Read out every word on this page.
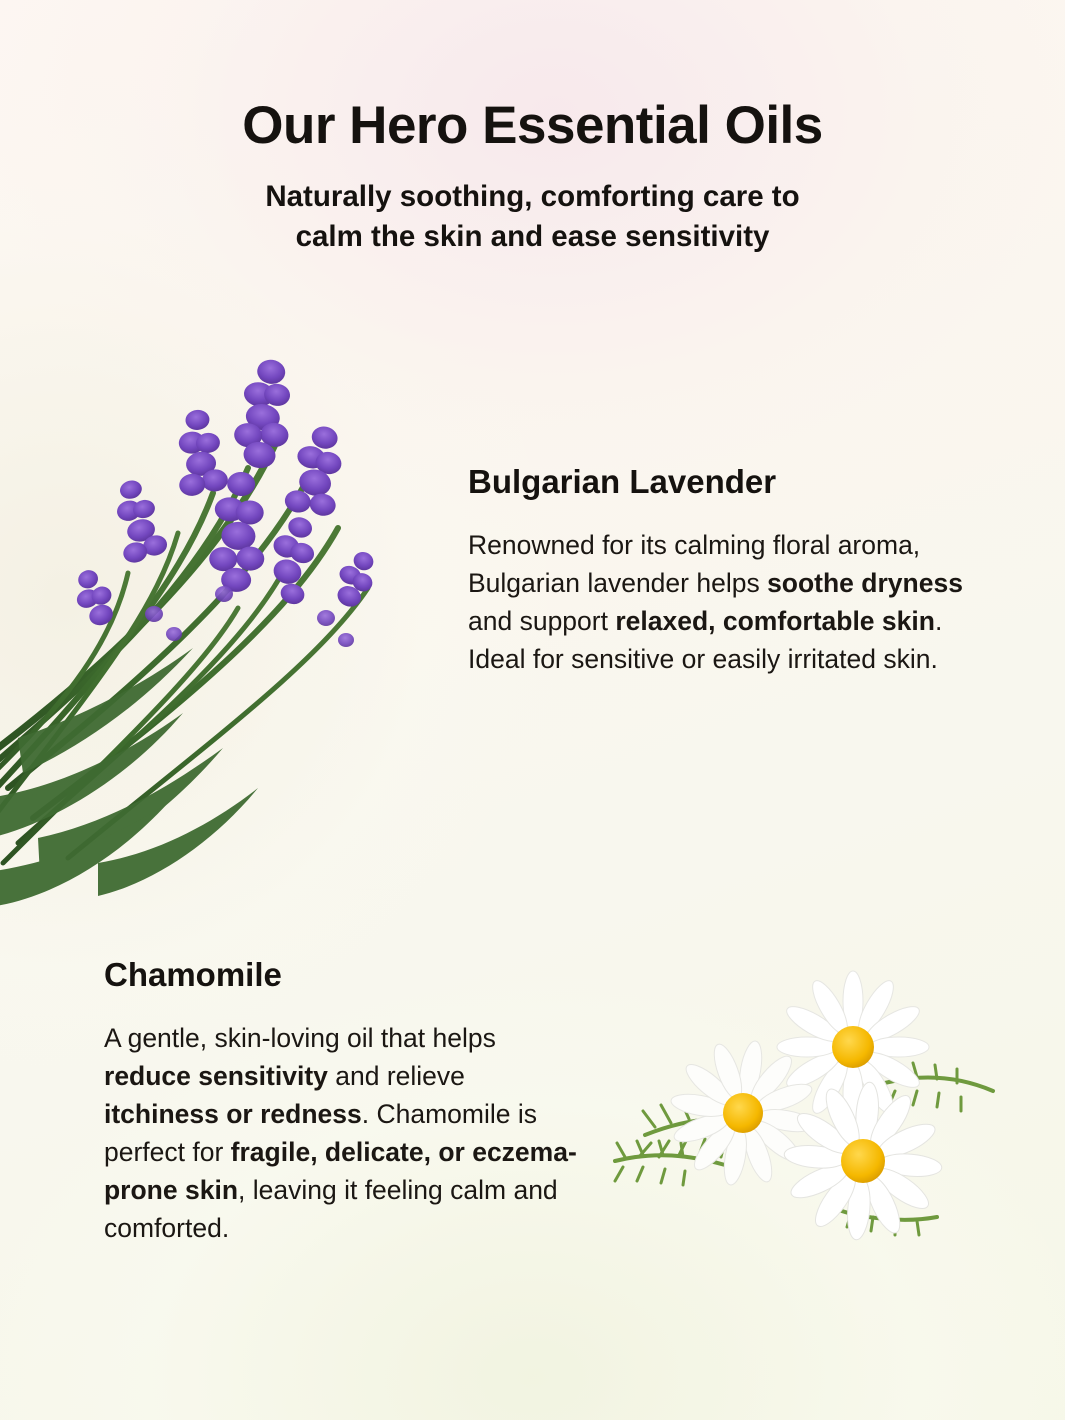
Our Hero Essential Oils
Naturally soothing, comforting care to
calm the skin and ease sensitivity
Bulgarian Lavender

Renowned for its calming floral aroma, Bulgarian lavender helps soothe dryness and support relaxed, comfortable skin. Ideal for sensitive or easily irritated skin.

Chamomile

A gentle, skin-loving oil that helps reduce sensitivity and relieve itchiness or redness. Chamomile is perfect for fragile, delicate, or eczema-prone skin, leaving it feeling calm and comforted.
